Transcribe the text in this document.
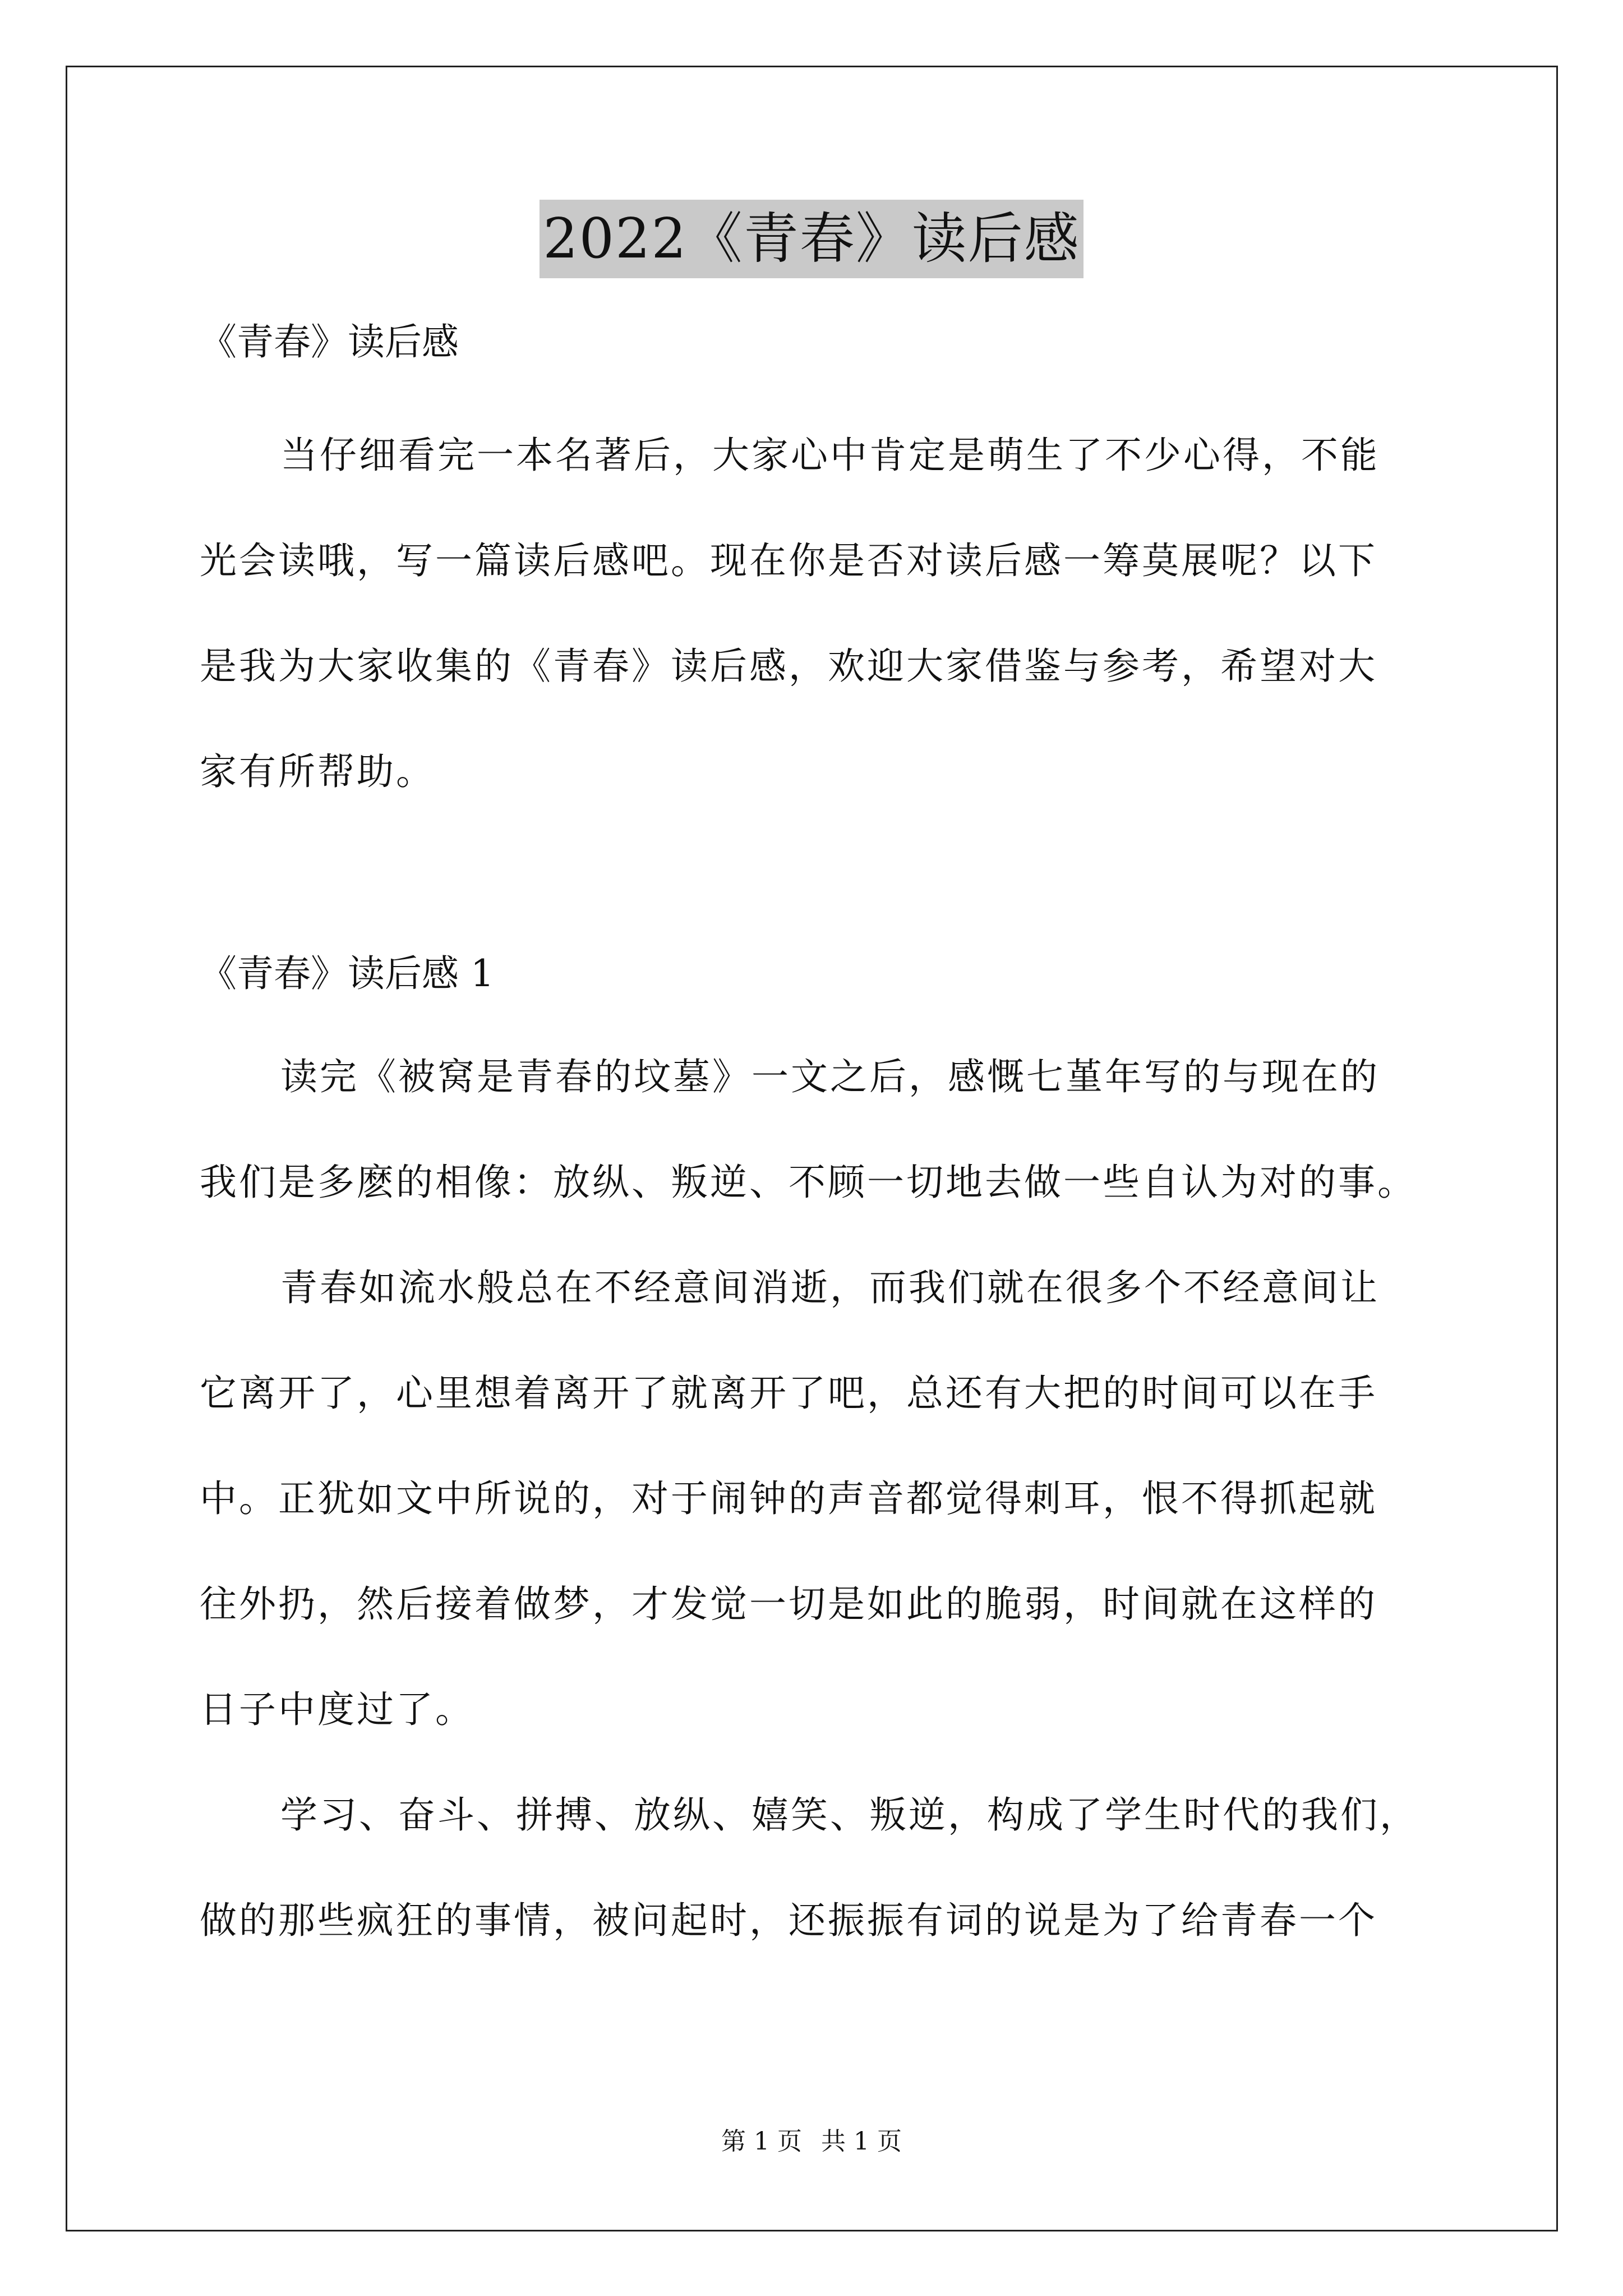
2022《青春》读后感

《青春》读后感

当仔细看完一本名著后，大家心中肯定是萌生了不少心得，不能
光会读哦，写一篇读后感吧。现在你是否对读后感一筹莫展呢？以下
是我为大家收集的《青春》读后感，欢迎大家借鉴与参考，希望对大
家有所帮助。

《青春》读后感 1

读完《被窝是青春的坟墓》一文之后，感慨七堇年写的与现在的
我们是多麽的相像：放纵、叛逆、不顾一切地去做一些自认为对的事。

青春如流水般总在不经意间消逝，而我们就在很多个不经意间让
它离开了，心里想着离开了就离开了吧，总还有大把的时间可以在手
中。正犹如文中所说的，对于闹钟的声音都觉得刺耳，恨不得抓起就
往外扔，然后接着做梦，才发觉一切是如此的脆弱，时间就在这样的
日子中度过了。

学习、奋斗、拼搏、放纵、嬉笑、叛逆，构成了学生时代的我们，
做的那些疯狂的事情，被问起时，还振振有词的说是为了给青春一个

第 1 页 共 1 页
